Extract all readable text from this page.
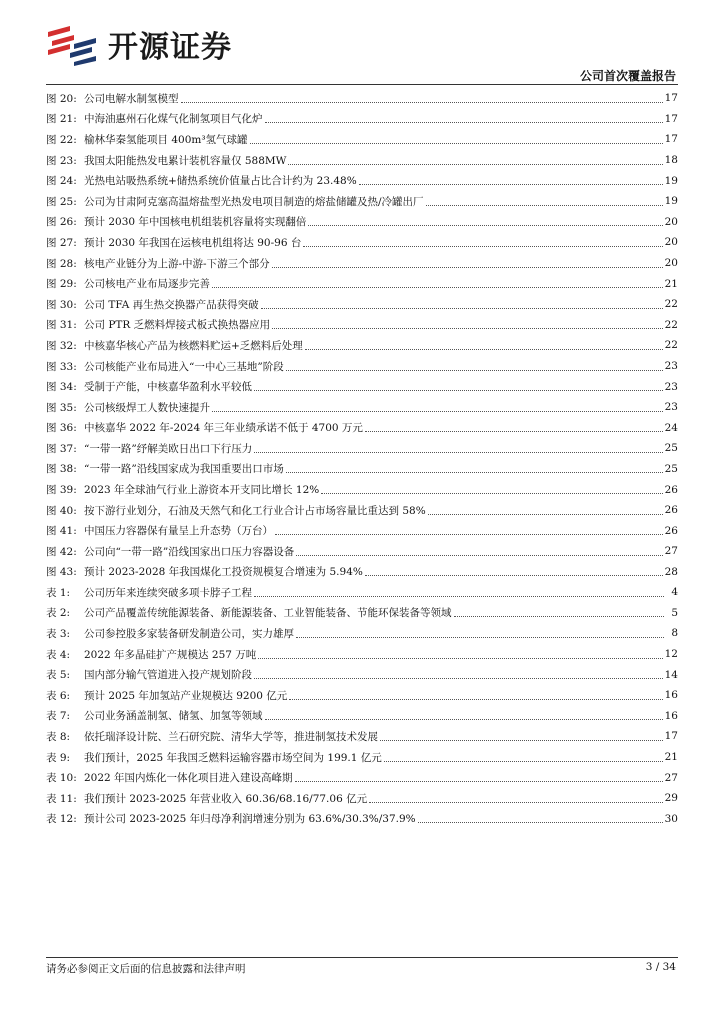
开源证券
公司首次覆盖报告
图 20: 公司电解水制氢模型	17
图 21: 中海油惠州石化煤气化制氢项目气化炉	17
图 22: 榆林华秦氢能项目 400m³氢气球罐	17
图 23: 我国太阳能热发电累计装机容量仅 588MW	18
图 24: 光热电站吸热系统+储热系统价值量占比合计约为 23.48%	19
图 25: 公司为甘肃阿克塞高温熔盐型光热发电项目制造的熔盐储罐及热/冷罐出厂	19
图 26: 预计 2030 年中国核电机组装机容量将实现翻倍	20
图 27: 预计 2030 年我国在运核电机组将达 90-96 台	20
图 28: 核电产业链分为上游-中游-下游三个部分	20
图 29: 公司核电产业布局逐步完善	21
图 30: 公司 TFA 再生热交换器产品获得突破	22
图 31: 公司 PTR 乏燃料焊接式板式换热器应用	22
图 32: 中核嘉华核心产品为核燃料贮运+乏燃料后处理	22
图 33: 公司核能产业布局进入“一中心三基地”阶段	23
图 34: 受制于产能，中核嘉华盈利水平较低	23
图 35: 公司核级焊工人数快速提升	23
图 36: 中核嘉华 2022 年-2024 年三年业绩承诺不低于 4700 万元	24
图 37: “一带一路”纾解美欧日出口下行压力	25
图 38: “一带一路”沿线国家成为我国重要出口市场	25
图 39: 2023 年全球油气行业上游资本开支同比增长 12%	26
图 40: 按下游行业划分，石油及天然气和化工行业合计占市场容量比重达到 58%	26
图 41: 中国压力容器保有量呈上升态势（万台）	26
图 42: 公司向“一带一路”沿线国家出口压力容器设备	27
图 43: 预计 2023-2028 年我国煤化工投资规模复合增速为 5.94%	28
表 1:	公司历年来连续突破多项卡脖子工程	4
表 2:	公司产品覆盖传统能源装备、新能源装备、工业智能装备、节能环保装备等领域	5
表 3:	公司参控股多家装备研发制造公司，实力雄厚	8
表 4:	2022 年多晶硅扩产规模达 257 万吨	12
表 5:	国内部分输气管道进入投产规划阶段	14
表 6:	预计 2025 年加氢站产业规模达 9200 亿元	16
表 7:	公司业务涵盖制氢、储氢、加氢等领域	16
表 8:	依托瑞泽设计院、兰石研究院、清华大学等，推进制氢技术发展	17
表 9:	我们预计，2025 年我国乏燃料运输容器市场空间为 199.1 亿元	21
表 10: 2022 年国内炼化一体化项目进入建设高峰期	27
表 11: 我们预计 2023-2025 年营业收入 60.36/68.16/77.06 亿元	29
表 12: 预计公司 2023-2025 年归母净利润增速分别为 63.6%/30.3%/37.9%	30
请务必参阅正文后面的信息披露和法律声明	3 / 34
